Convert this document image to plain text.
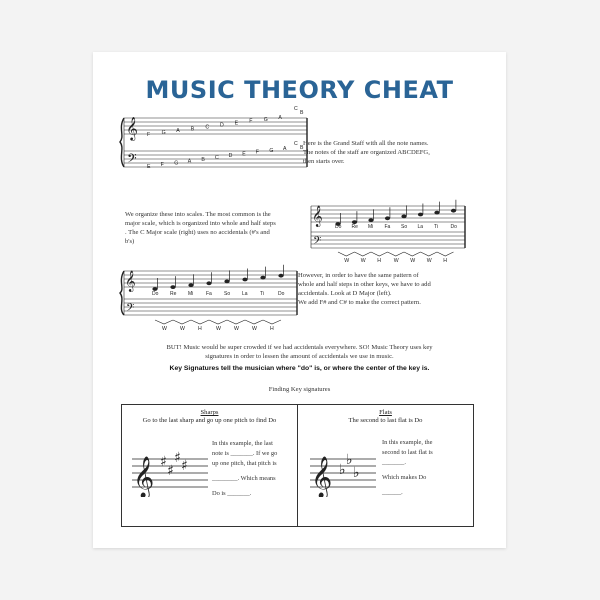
MUSIC THEORY CHEAT
𝄞
𝄢
F G A B C D E F G A
C
B
E F G A B C D E F G A
C
B
Here is the Grand Staff with all the note names.
The notes of the staff are organized ABCDEFG,
then starts over.
We organize these into scales. The most common is the
major scale, which is organized into whole and half steps
. The C Major scale (right) uses no accidentals (#'s and
b's)
𝄞
𝄢
Do Re Mi Fa So La Ti	Do
W W H W W W H
𝄞
𝄢
Do Re Mi	Fa So La Ti	Do
W	W	H	W	W	W	H
However, in order to have the same pattern of
whole and half steps in other keys, we have to add
accidentals. Look at D Major (left).
We add F# and C# to make the correct pattern.
BUT! Music would be super crowded if we had accidentals everywhere. SO! Music Theory uses key
signatures in order to lessen the amount of accidentals we use in music.
Key Signatures tell the musician where "do" is, or where the center of the key is.
Finding Key signatures
Sharps
Go to the last sharp and go up one pitch to find Do
𝄞 ♯
♯
♯ ♯
In this example, the last
note is _______. If we go
up one pitch, that pitch is
________. Which means
Do is _______.
Flats
The second to last flat is Do
𝄞 ♭
♭
♭
In this example, the
second to last flat is
_______.
Which makes Do
______.
